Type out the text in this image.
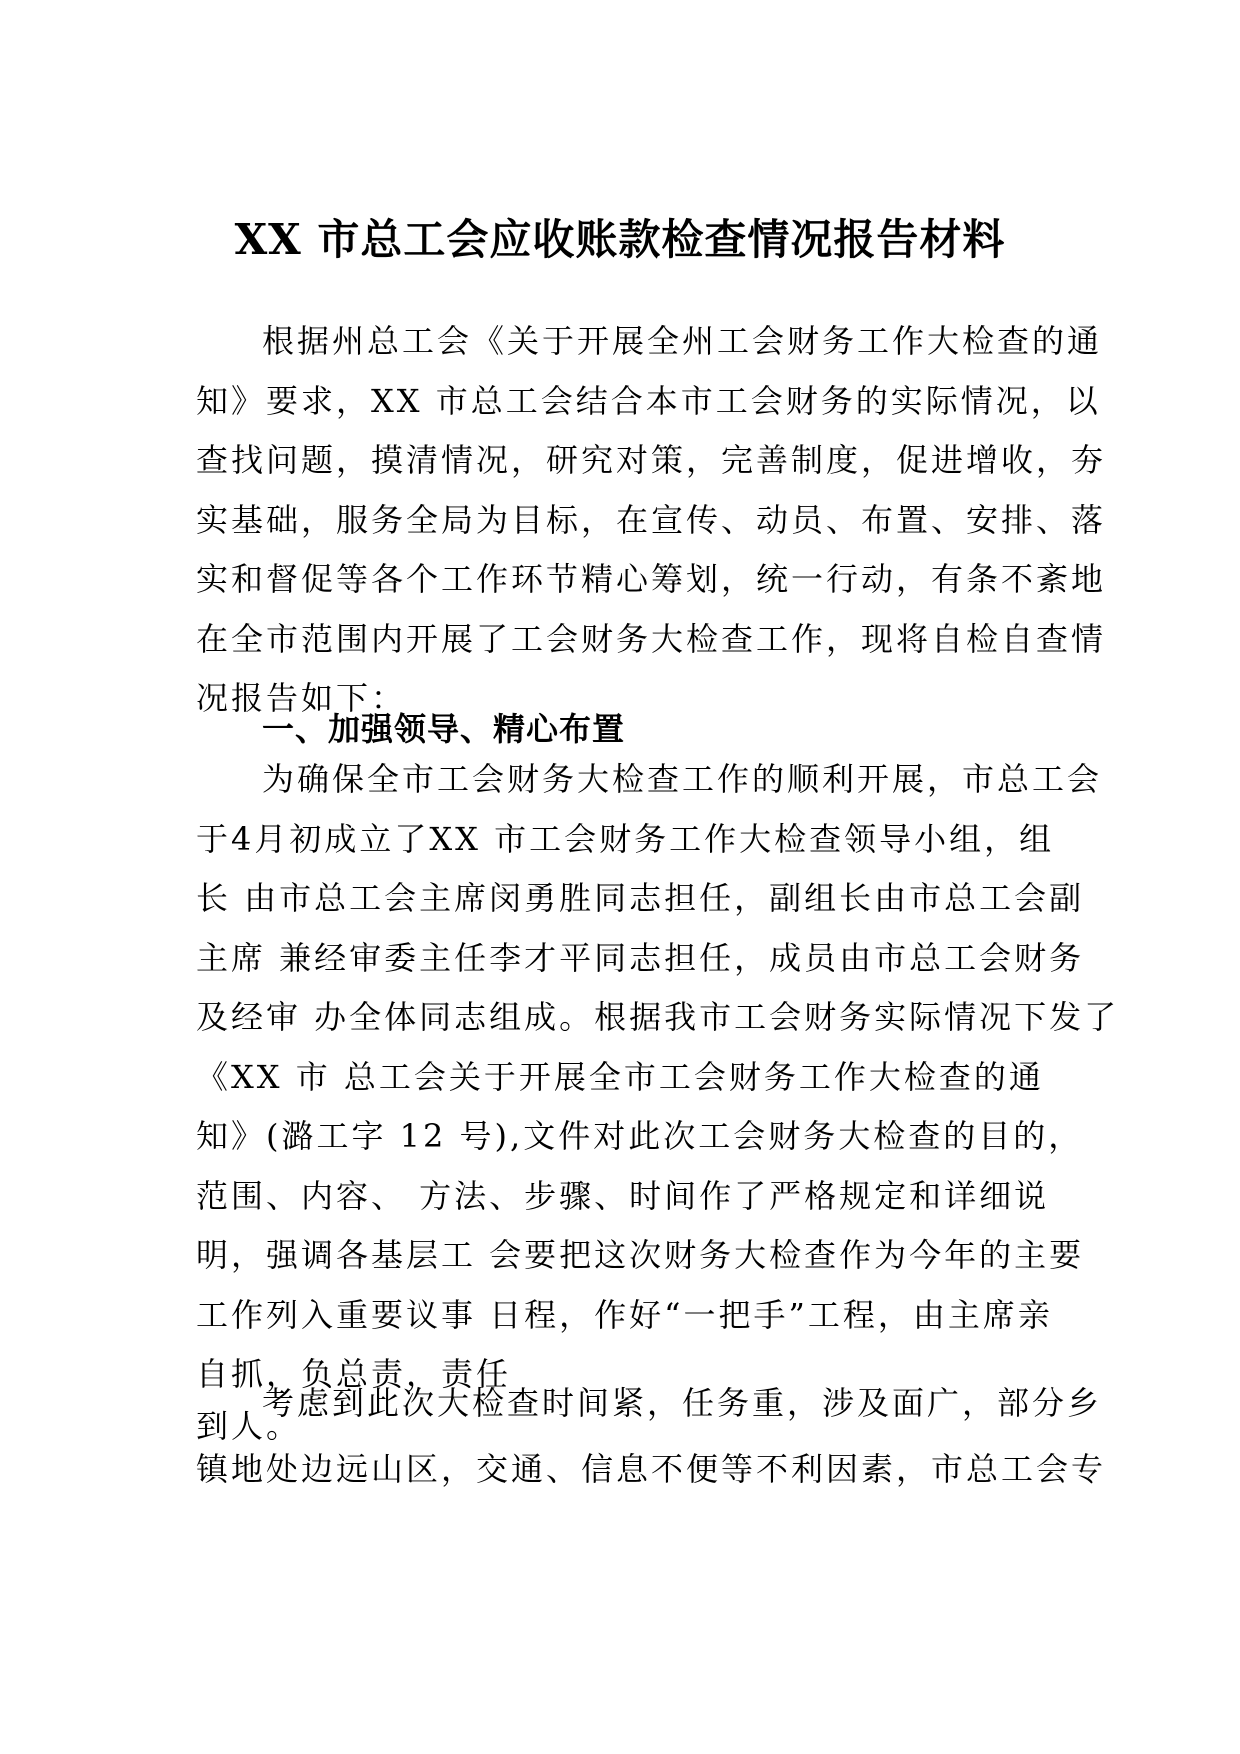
XX 市总工会应收账款检查情况报告材料
根据州总工会《关于开展全州工会财务工作大检查的通
知》要求，XX 市总工会结合本市工会财务的实际情况，以
查找问题，摸清情况，研究对策，完善制度，促进增收，夯
实基础，服务全局为目标，在宣传、动员、布置、安排、落
实和督促等各个工作环节精心筹划，统一行动，有条不紊地
在全市范围内开展了工会财务大检查工作，现将自检自查情
况报告如下：
一、加强领导、精心布置
为确保全市工会财务大检查工作的顺利开展，市总工会
于4月初成立了XX 市工会财务工作大检查领导小组，组
长 由市总工会主席闵勇胜同志担任，副组长由市总工会副
主席 兼经审委主任李才平同志担任，成员由市总工会财务
及经审 办全体同志组成。根据我市工会财务实际情况下发了
《XX 市 总工会关于开展全市工会财务工作大检查的通
知》(潞工字 12 号),文件对此次工会财务大检查的目的，
范围、内容、 方法、步骤、时间作了严格规定和详细说
明，强调各基层工 会要把这次财务大检查作为今年的主要
工作列入重要议事 日程，作好“一把手”工程，由主席亲
自抓，负总责，责任
到人。
考虑到此次大检查时间紧，任务重，涉及面广，部分乡
镇地处边远山区，交通、信息不便等不利因素，市总工会专
